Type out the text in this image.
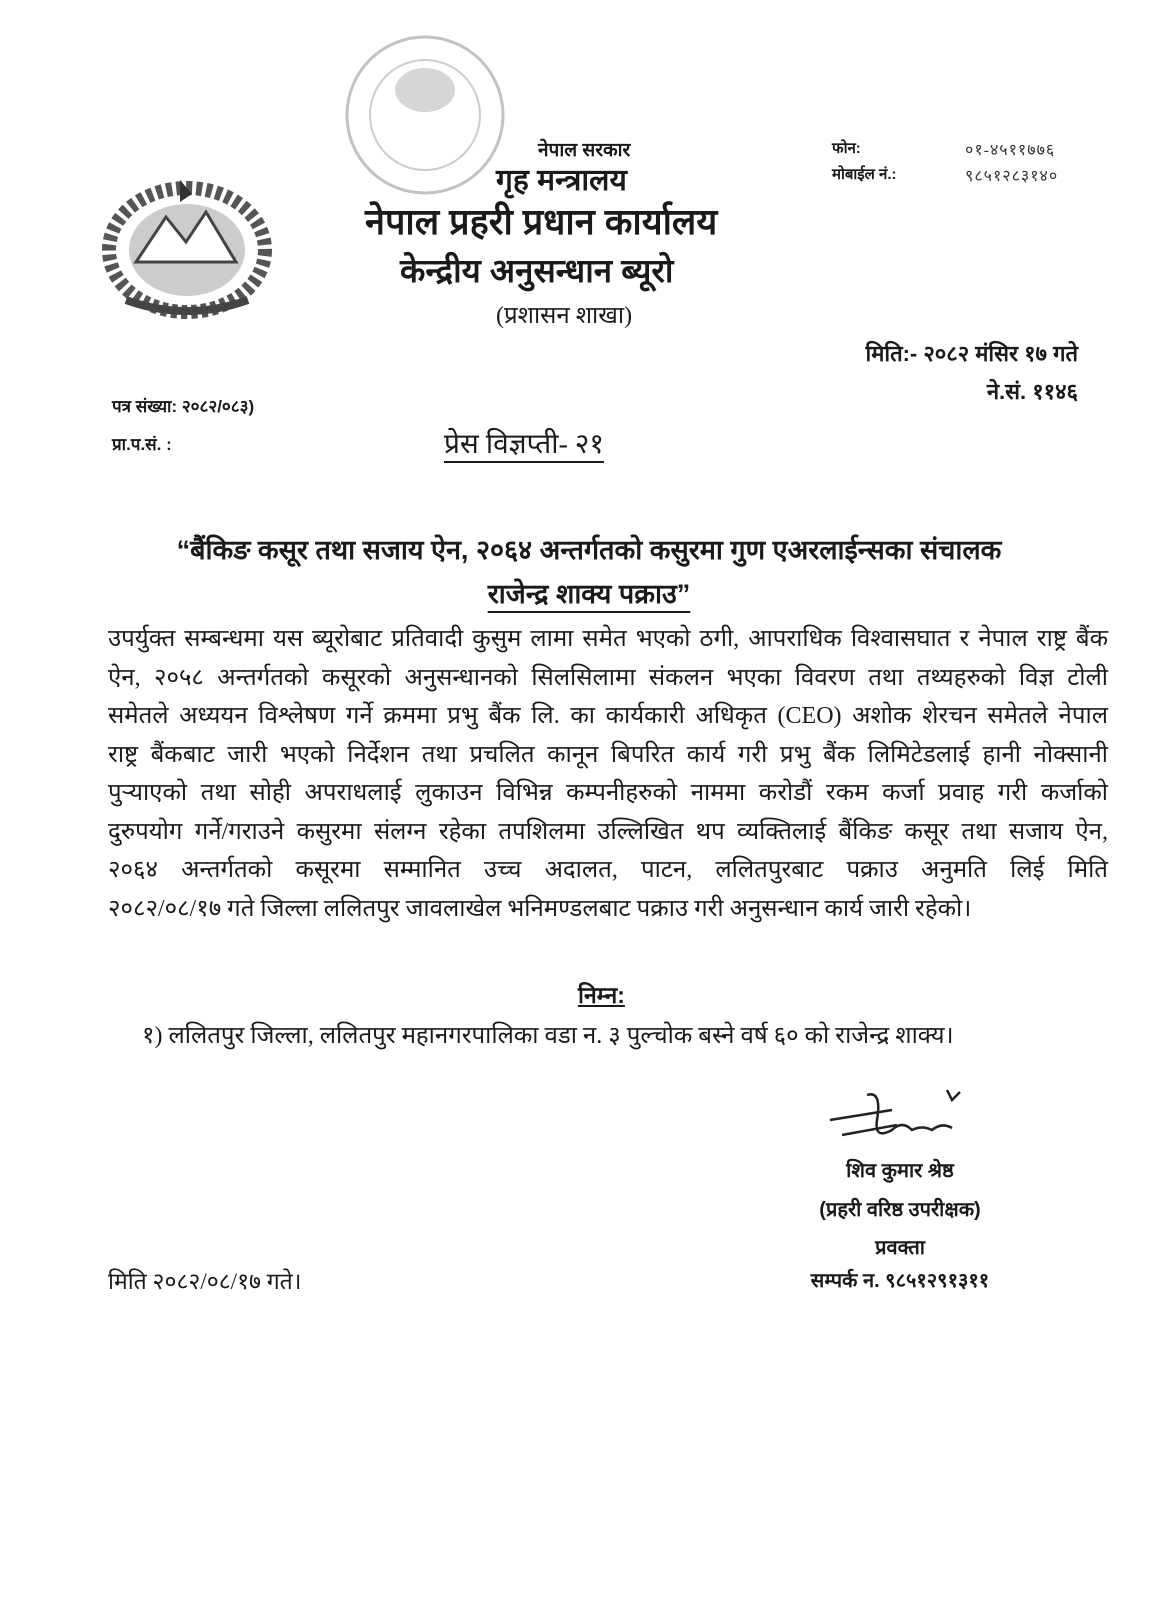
नेपाल सरकार
गृह मन्त्रालय
नेपाल प्रहरी प्रधान कार्यालय
केन्द्रीय अनुसन्धान ब्यूरो
(प्रशासन शाखा)
फोन:	०१-४५११७७६
मोबाईल नं.:	९८५१२८३१४०
मिति:- २०८२ मंसिर १७ गते
ने.सं. ११४६
पत्र संख्या: २०८२/०८३)
प्रा.प.सं. :	प्रेस विज्ञप्ती- २१
“बैंकिङ कसूर तथा सजाय ऐन, २०६४ अन्तर्गतको कसुरमा गुण एअरलाईन्सका संचालक
राजेन्द्र शाक्य पक्राउ”
उपर्युक्त सम्बन्धमा यस ब्यूरोबाट प्रतिवादी कुसुम लामा समेत भएको ठगी, आपराधिक विश्वासघात र नेपाल राष्ट्र बैंक
ऐन, २०५८ अन्तर्गतको कसूरको अनुसन्धानको सिलसिलामा संकलन भएका विवरण तथा तथ्यहरुको विज्ञ टोली
समेतले अध्ययन विश्लेषण गर्ने क्रममा प्रभु बैंक लि. का कार्यकारी अधिकृत (CEO) अशोक शेरचन समेतले नेपाल
राष्ट्र बैंकबाट जारी भएको निर्देशन तथा प्रचलित कानून बिपरित कार्य गरी प्रभु बैंक लिमिटेडलाई हानी नोक्सानी
पुऱ्याएको तथा सोही अपराधलाई लुकाउन विभिन्न कम्पनीहरुको नाममा करोडौं रकम कर्जा प्रवाह गरी कर्जाको
दुरुपयोग गर्ने/गराउने कसुरमा संलग्न रहेका तपशिलमा उल्लिखित थप व्यक्तिलाई बैंकिङ कसूर तथा सजाय ऐन,
२०६४ अन्तर्गतको कसूरमा सम्मानित उच्च अदालत, पाटन, ललितपुरबाट पक्राउ अनुमति लिई मिति
२०८२/०८/१७ गते जिल्ला ललितपुर जावलाखेल भनिमण्डलबाट पक्राउ गरी अनुसन्धान कार्य जारी रहेको।
निम्न:
१) ललितपुर जिल्ला, ललितपुर महानगरपालिका वडा न. ३ पुल्चोक बस्ने वर्ष ६० को राजेन्द्र शाक्य।
शिव कुमार श्रेष्ठ
(प्रहरी वरिष्ठ उपरीक्षक)
प्रवक्ता
सम्पर्क न. ९८५१२९१३११
मिति २०८२/०८/१७ गते।
